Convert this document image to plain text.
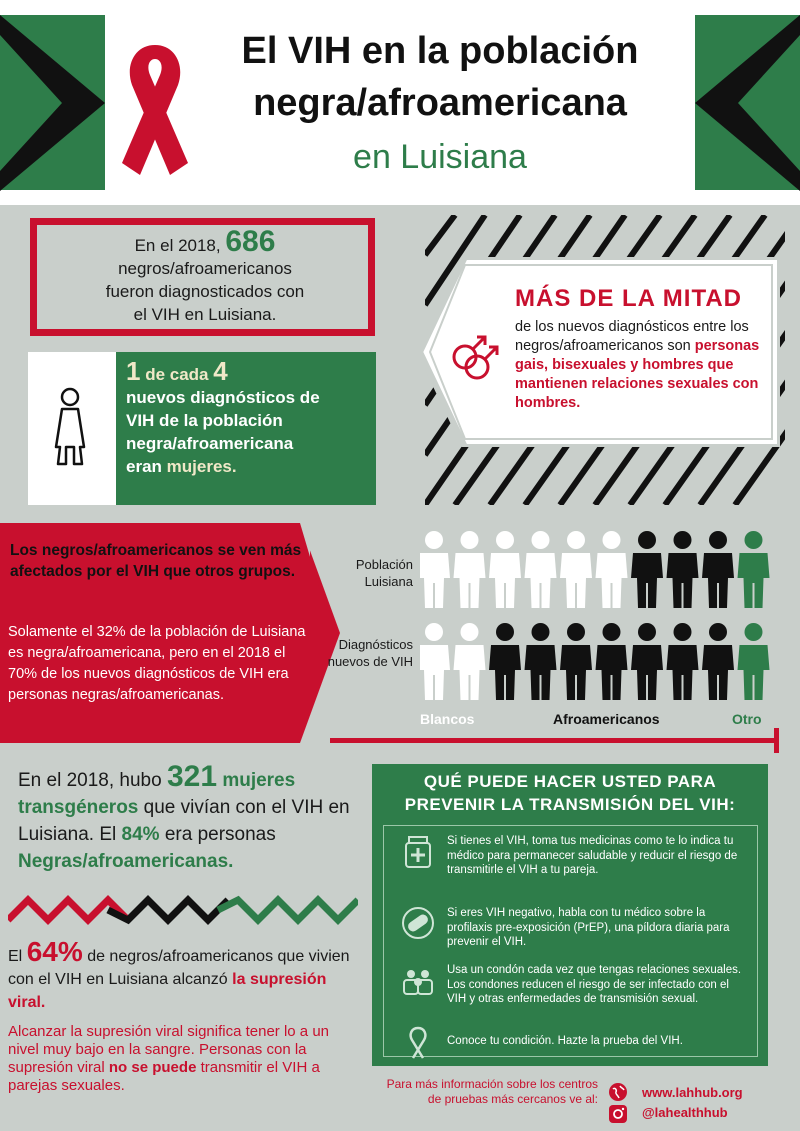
El VIH en la población
negra/afroamericana
en Luisiana
En el 2018, 686
negros/afroamericanos
fueron diagnosticados con
el VIH en Luisiana.
1 de cada 4
nuevos diagnósticos de
VIH de la población
negra/afroamericana
eran mujeres.
MÁS DE LA MITAD
de los nuevos diagnósticos entre los negros/afroamericanos son personas gais, bisexuales y hombres que mantienen relaciones sexuales con hombres.
Los negros/afroamericanos se ven más afectados por el VIH que otros grupos.
Solamente el 32% de la población de Luisiana es negra/afroamericana, pero en el 2018 el 70% de los nuevos diagnósticos de VIH era personas negras/afroamericanas.
Población Luisiana
Diagnósticos nuevos de VIH
Blancos	Afroamericanos	Otro
En el 2018, hubo 321 mujeres transgéneros que vivían con el VIH en Luisiana. El 84% era personas
Negras/afroamericanas.
El 64% de negros/afroamericanos que vivien con el VIH en Luisiana alcanzó la supresión viral.
Alcanzar la supresión viral significa tener lo a un nivel muy bajo en la sangre. Personas con la supresión viral no se puede transmitir el VIH a parejas sexuales.
QUÉ PUEDE HACER USTED PARA PREVENIR LA TRANSMISIÓN DEL VIH:
Si tienes el VIH, toma tus medicinas como te lo indica tu médico para permanecer saludable y reducir el riesgo de transmitirle el VIH a tu pareja.
Si eres VIH negativo, habla con tu médico sobre la profilaxis pre-exposición (PrEP), una píldora diaria para prevenir el VIH.
Usa un condón cada vez que tengas relaciones sexuales. Los condones reducen el riesgo de ser infectado con el VIH y otras enfermedades de transmisión sexual.
Conoce tu condición. Hazte la prueba del VIH.
Para más información sobre los centros de pruebas más cercanos ve al:	www.lahhub.org
@lahealthhub
